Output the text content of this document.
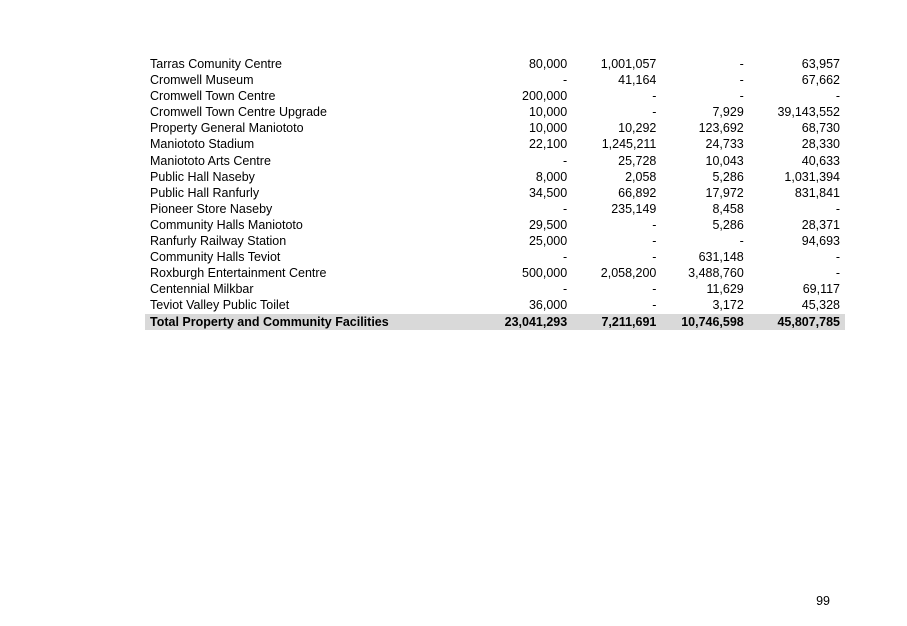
Tarras Comunity Centre	80,000	1,001,057	-	63,957
Cromwell Museum	-	41,164	-	67,662
Cromwell Town Centre	200,000	-	-	-
Cromwell Town Centre Upgrade	10,000	-	7,929	39,143,552
Property General Maniototo	10,000	10,292	123,692	68,730
Maniototo Stadium	22,100	1,245,211	24,733	28,330
Maniototo Arts Centre	-	25,728	10,043	40,633
Public Hall Naseby	8,000	2,058	5,286	1,031,394
Public Hall Ranfurly	34,500	66,892	17,972	831,841
Pioneer Store Naseby	-	235,149	8,458	-
Community Halls Maniototo	29,500	-	5,286	28,371
Ranfurly Railway Station	25,000	-	-	94,693
Community Halls Teviot	-	-	631,148	-
Roxburgh Entertainment Centre	500,000	2,058,200	3,488,760	-
Centennial Milkbar	-	-	11,629	69,117
Teviot Valley Public Toilet	36,000	-	3,172	45,328
Total Property and Community Facilities	23,041,293	7,211,691	10,746,598	45,807,785
99
